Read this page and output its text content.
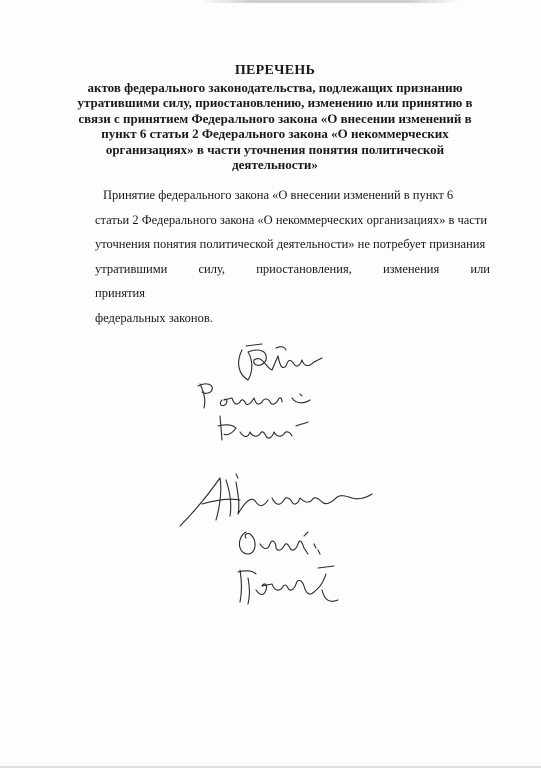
ПЕРЕЧЕНЬ
актов федерального законодательства, подлежащих признанию
утратившими силу, приостановлению, изменению или принятию в
связи с принятием Федерального закона «О внесении изменений в
пункт 6 статьи 2 Федерального закона «О некоммерческих
организациях» в части уточнения понятия политической
деятельности»
Принятие федерального закона «О внесении изменений в пункт 6
статьи 2 Федерального закона «О некоммерческих организациях» в части
уточнения понятия политической деятельности» не потребует признания
утратившими силу, приостановления, изменения или принятия
федеральных законов.
